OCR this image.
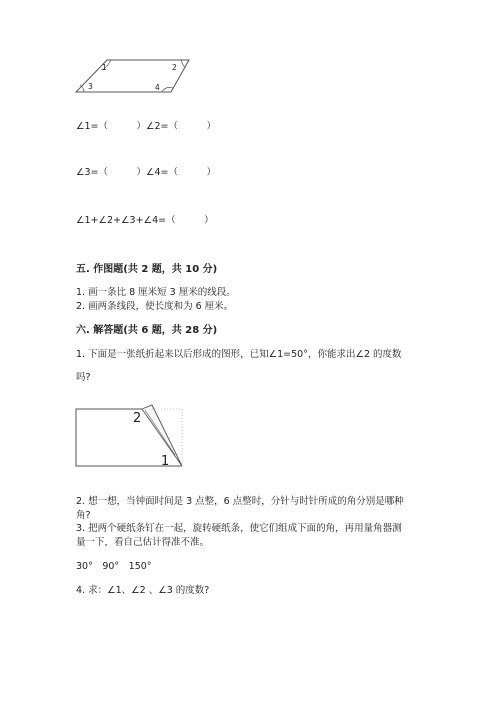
1	2
3	4
∠1=（　　　） ∠2=（　　　）
∠3=（　　　） ∠4=（　　　）
∠1+∠2+∠3+∠4=（　　　）
五. 作图题(共 2 题，共 10 分)
1. 画一条比 8 厘米短 3 厘米的线段。
2. 画两条线段，使长度和为 6 厘米。
六. 解答题(共 6 题，共 28 分)
1. 下面是一张纸折起来以后形成的图形，已知∠1=50°，你能求出∠2 的度数
吗?
2
1
2. 想一想，当钟面时间是 3 点整，6 点整时，分针与时针所成的角分别是哪种
角?
3. 把两个硬纸条钉在一起，旋转硬纸条，使它们组成下面的角，再用量角器测
量一下，看自己估计得准不准。
30°　90°　150°
4. 求：∠1、∠2 、∠3 的度数?
